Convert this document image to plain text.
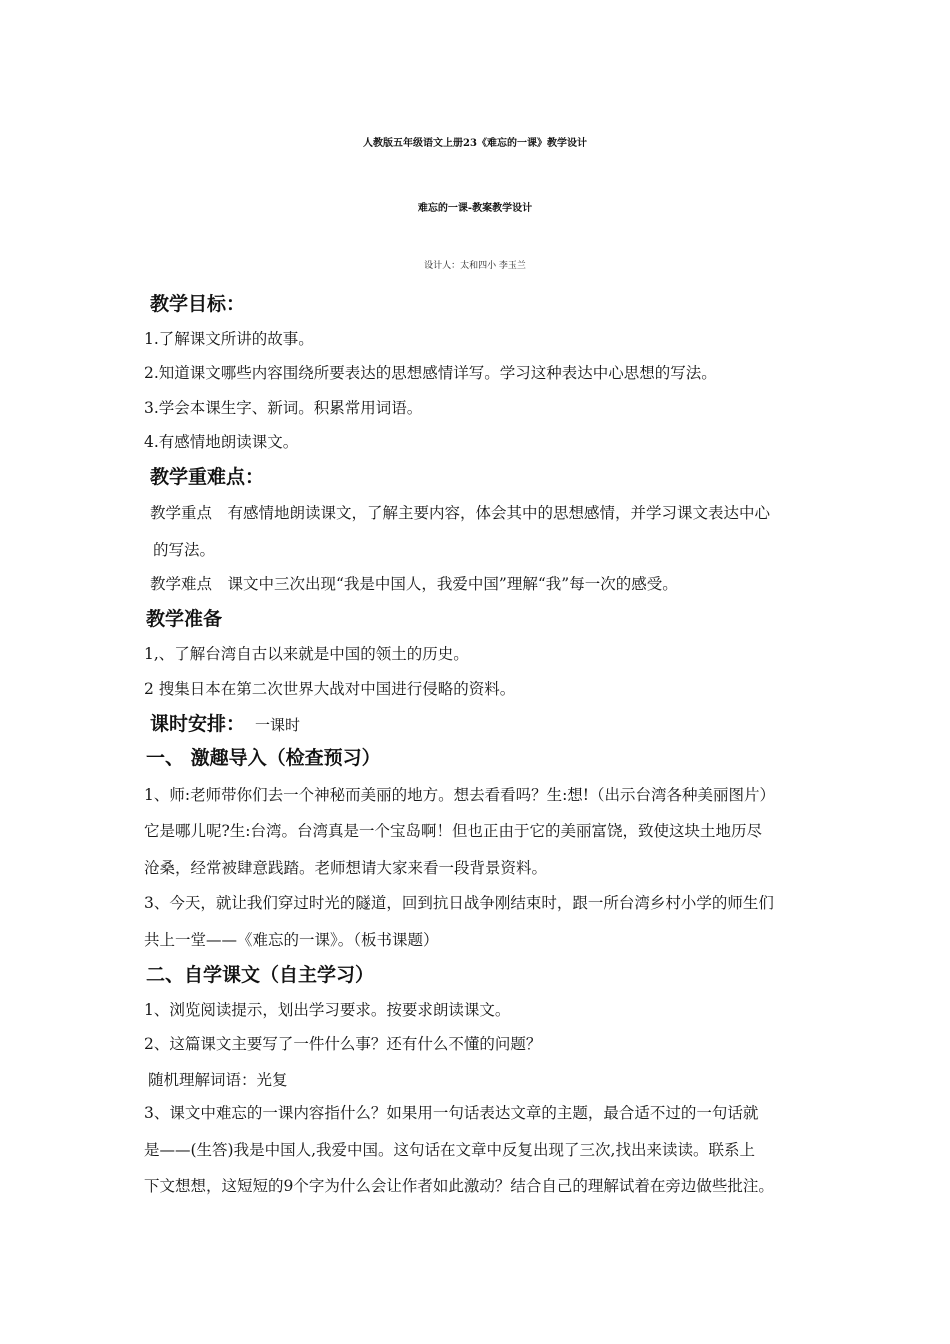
人教版五年级语文上册23《难忘的一课》教学设计
难忘的一课-教案教学设计
设计人：太和四小 李玉兰
教学目标：
1.了解课文所讲的故事。
2.知道课文哪些内容围绕所要表达的思想感情详写。学习这种表达中心思想的写法。
3.学会本课生字、新词。积累常用词语。
4.有感情地朗读课文。
教学重难点：
教学重点　有感情地朗读课文，了解主要内容，体会其中的思想感情，并学习课文表达中心
的写法。
教学难点　课文中三次出现“我是中国人，我爱中国”理解“我”每一次的感受。
教学准备
1,、了解台湾自古以来就是中国的领土的历史。
2 搜集日本在第二次世界大战对中国进行侵略的资料。
课时安排： 一课时
一、 激趣导入（检查预习）
1、师:老师带你们去一个神秘而美丽的地方。想去看看吗？生:想!（出示台湾各种美丽图片）
它是哪儿呢?生:台湾。台湾真是一个宝岛啊！但也正由于它的美丽富饶，致使这块土地历尽
沧桑，经常被肆意践踏。老师想请大家来看一段背景资料。
3、今天，就让我们穿过时光的隧道，回到抗日战争刚结束时，跟一所台湾乡村小学的师生们
共上一堂——《难忘的一课》。（板书课题）
二、自学课文（自主学习）
1、浏览阅读提示，划出学习要求。按要求朗读课文。
2、这篇课文主要写了一件什么事？还有什么不懂的问题？
随机理解词语：光复
3、课文中难忘的一课内容指什么？如果用一句话表达文章的主题，最合适不过的一句话就
是——(生答)我是中国人,我爱中国。这句话在文章中反复出现了三次,找出来读读。联系上
下文想想，这短短的9个字为什么会让作者如此激动？结合自己的理解试着在旁边做些批注。
